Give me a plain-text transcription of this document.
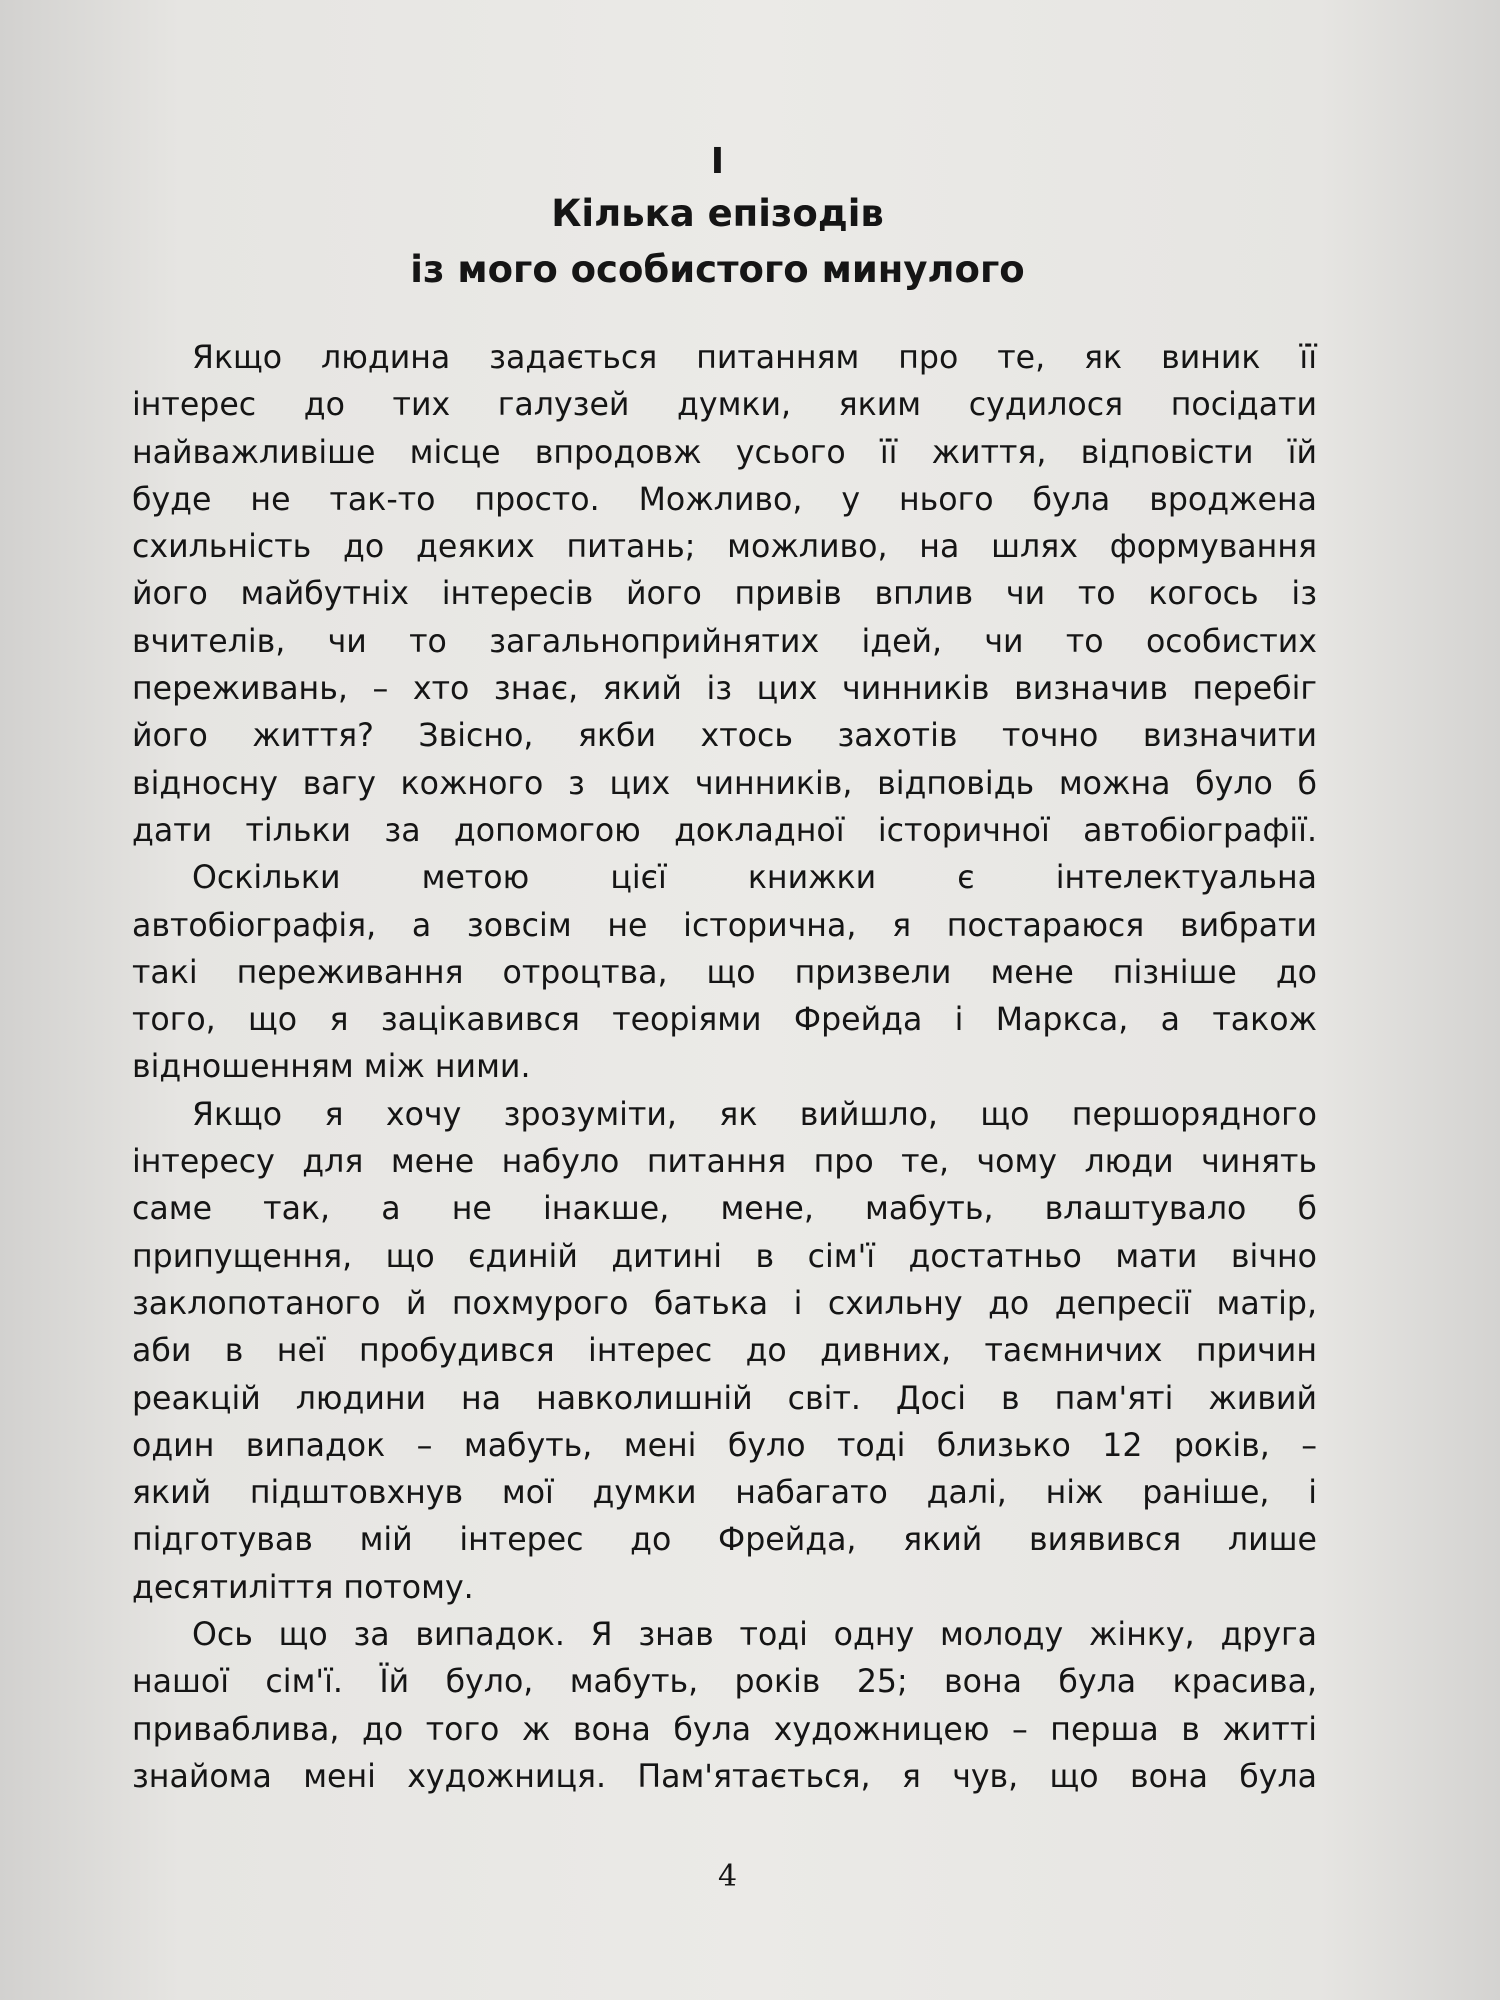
I
Кілька епізодів
із мого особистого минулого
Якщо людина задається питанням про те, як виник її
інтерес до тих галузей думки, яким судилося посідати
найважливіше місце впродовж усього її життя, відповісти їй
буде не так-то просто. Можливо, у нього була вроджена
схильність до деяких питань; можливо, на шлях формування
його майбутніх інтересів його привів вплив чи то когось із
вчителів, чи то загальноприйнятих ідей, чи то особистих
переживань, – хто знає, який із цих чинників визначив перебіг
його життя? Звісно, якби хтось захотів точно визначити
відносну вагу кожного з цих чинників, відповідь можна було б
дати тільки за допомогою докладної історичної автобіографії.
Оскільки метою цієї книжки є інтелектуальна
автобіографія, а зовсім не історична, я постараюся вибрати
такі переживання отроцтва, що призвели мене пізніше до
того, що я зацікавився теоріями Фрейда і Маркса, а також
відношенням між ними.
Якщо я хочу зрозуміти, як вийшло, що першорядного
інтересу для мене набуло питання про те, чому люди чинять
саме так, а не інакше, мене, мабуть, влаштувало б
припущення, що єдиній дитині в сім'ї достатньо мати вічно
заклопотаного й похмурого батька і схильну до депресії матір,
аби в неї пробудився інтерес до дивних, таємничих причин
реакцій людини на навколишній світ. Досі в пам'яті живий
один випадок – мабуть, мені було тоді близько 12 років, –
який підштовхнув мої думки набагато далі, ніж раніше, і
підготував мій інтерес до Фрейда, який виявився лише
десятиліття потому.
Ось що за випадок. Я знав тоді одну молоду жінку, друга
нашої сім'ї. Їй було, мабуть, років 25; вона була красива,
приваблива, до того ж вона була художницею – перша в житті
знайома мені художниця. Пам'ятається, я чув, що вона була
4
